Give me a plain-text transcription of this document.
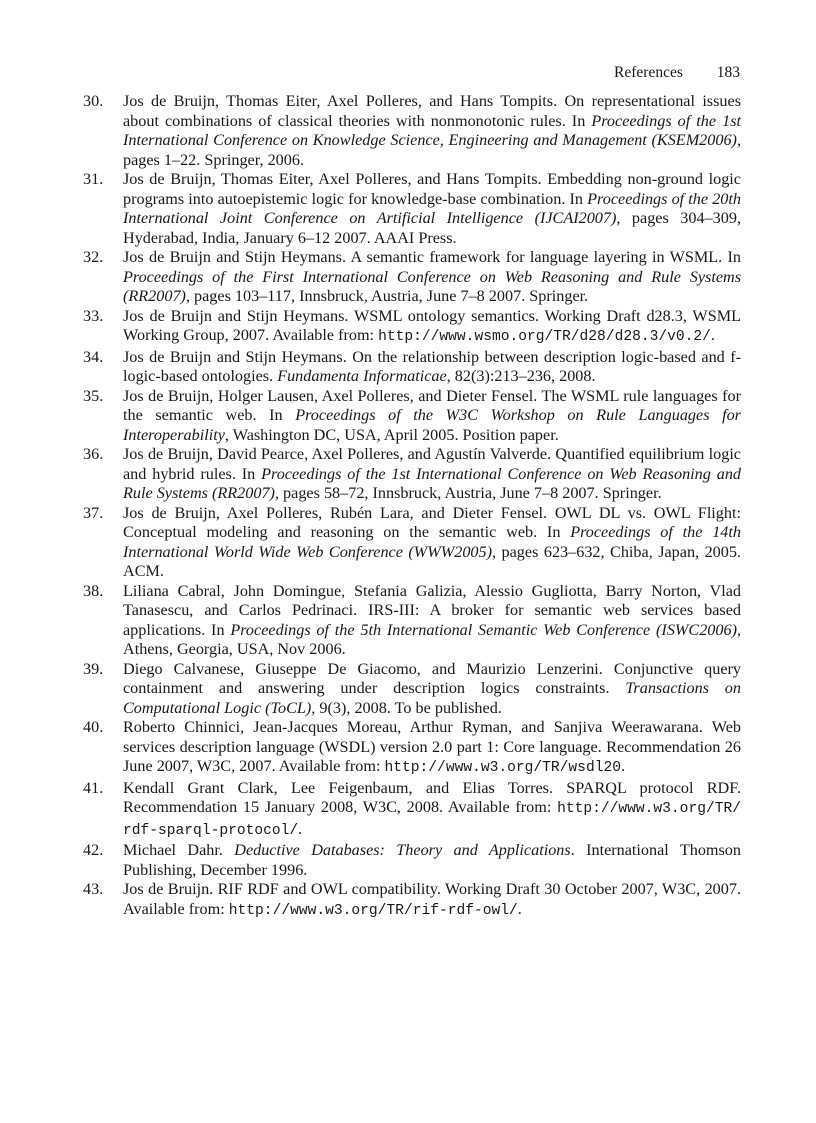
References 183
30. Jos de Bruijn, Thomas Eiter, Axel Polleres, and Hans Tompits. On representational issues about combinations of classical theories with nonmonotonic rules. In Proceedings of the 1st International Conference on Knowledge Science, Engineering and Management (KSEM2006), pages 1–22. Springer, 2006.
31. Jos de Bruijn, Thomas Eiter, Axel Polleres, and Hans Tompits. Embedding non-ground logic programs into autoepistemic logic for knowledge-base combination. In Proceedings of the 20th International Joint Conference on Artificial Intelligence (IJCAI2007), pages 304–309, Hyderabad, India, January 6–12 2007. AAAI Press.
32. Jos de Bruijn and Stijn Heymans. A semantic framework for language layering in WSML. In Proceedings of the First International Conference on Web Reasoning and Rule Systems (RR2007), pages 103–117, Innsbruck, Austria, June 7–8 2007. Springer.
33. Jos de Bruijn and Stijn Heymans. WSML ontology semantics. Working Draft d28.3, WSML Working Group, 2007. Available from: http:/​/​www.wsmo.org/​TR/​d28/​d28.3/​v0.2/​.
34. Jos de Bruijn and Stijn Heymans. On the relationship between description logic-based and f-logic-based ontologies. Fundamenta Informaticae, 82(3):213–236, 2008.
35. Jos de Bruijn, Holger Lausen, Axel Polleres, and Dieter Fensel. The WSML rule languages for the semantic web. In Proceedings of the W3C Workshop on Rule Languages for Interoperability, Washington DC, USA, April 2005. Position paper.
36. Jos de Bruijn, David Pearce, Axel Polleres, and Agustín Valverde. Quantified equilibrium logic and hybrid rules. In Proceedings of the 1st International Conference on Web Reasoning and Rule Systems (RR2007), pages 58–72, Innsbruck, Austria, June 7–8 2007. Springer.
37. Jos de Bruijn, Axel Polleres, Rubén Lara, and Dieter Fensel. OWL DL vs. OWL Flight: Conceptual modeling and reasoning on the semantic web. In Proceedings of the 14th International World Wide Web Conference (WWW2005), pages 623–632, Chiba, Japan, 2005. ACM.
38. Liliana Cabral, John Domingue, Stefania Galizia, Alessio Gugliotta, Barry Norton, Vlad Tanasescu, and Carlos Pedrinaci. IRS-III: A broker for semantic web services based applications. In Proceedings of the 5th International Semantic Web Conference (ISWC2006), Athens, Georgia, USA, Nov 2006.
39. Diego Calvanese, Giuseppe De Giacomo, and Maurizio Lenzerini. Conjunctive query containment and answering under description logics constraints. Transactions on Computational Logic (ToCL), 9(3), 2008. To be published.
40. Roberto Chinnici, Jean-Jacques Moreau, Arthur Ryman, and Sanjiva Weerawarana. Web services description language (WSDL) version 2.0 part 1: Core language. Recommendation 26 June 2007, W3C, 2007. Available from: http:/​/​www.w3.org/​TR/​wsdl20.
41. Kendall Grant Clark, Lee Feigenbaum, and Elias Torres. SPARQL protocol RDF. Recommendation 15 January 2008, W3C, 2008. Available from: http:/​/​www.w3.org/​TR/​rdf-sparql-protocol/​.
42. Michael Dahr. Deductive Databases: Theory and Applications. International Thomson Publishing, December 1996.
43. Jos de Bruijn. RIF RDF and OWL compatibility. Working Draft 30 October 2007, W3C, 2007. Available from: http:/​/​www.w3.org/​TR/​rif-rdf-owl/​.
